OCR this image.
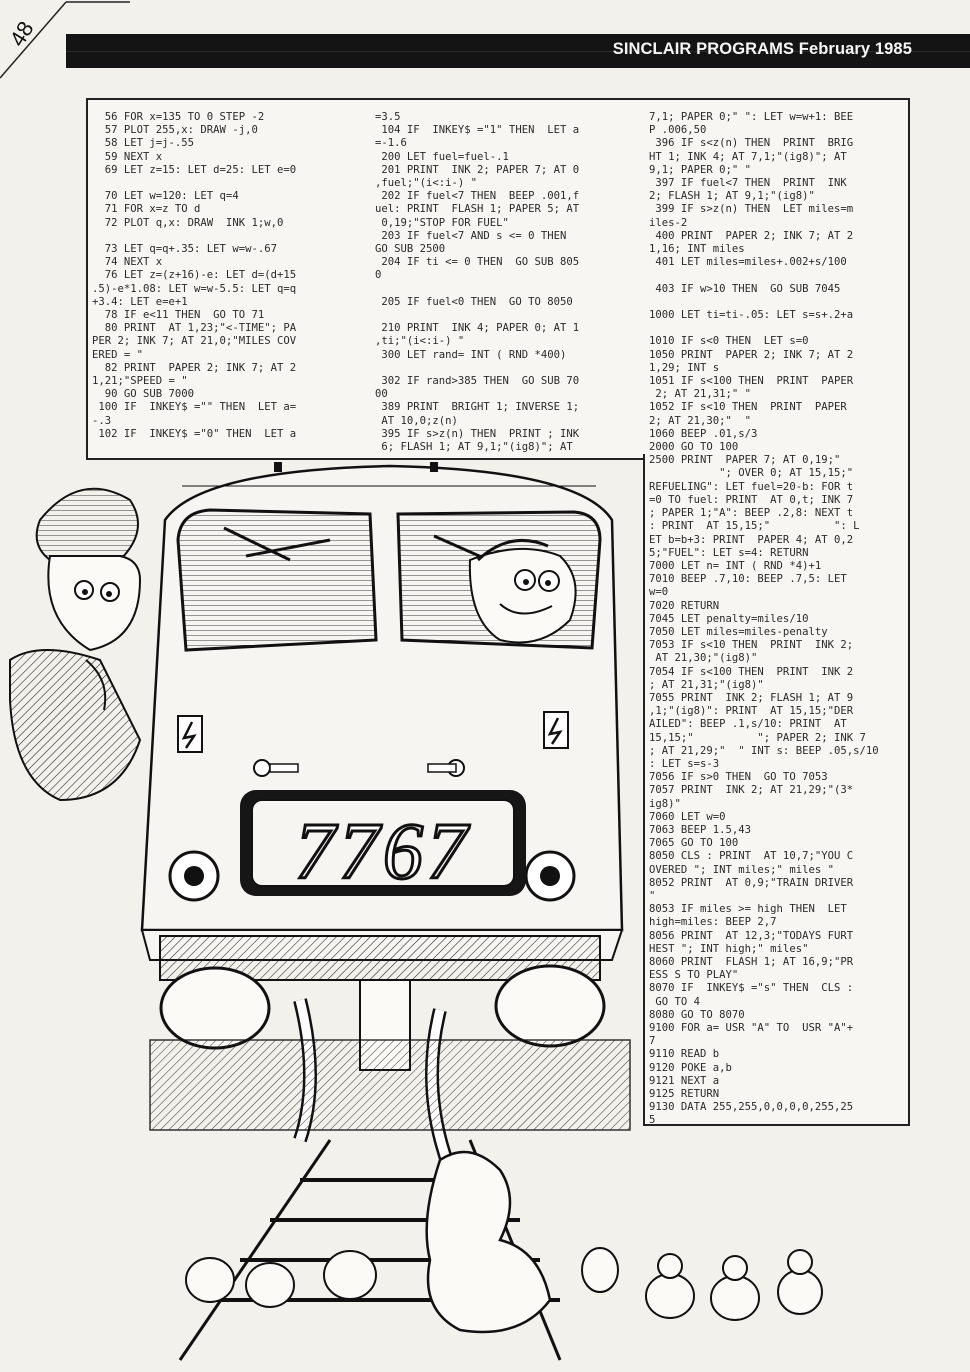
48	SINCLAIR PROGRAMS February 1985
56 FOR x=135 TO 0 STEP -2
57 PLOT 255,x: DRAW -j,0
58 LET j=j-.55
59 NEXT x
69 LET z=15: LET d=25: LET e=0

70 LET w=120: LET q=4
71 FOR x=z TO d
72 PLOT q,x: DRAW  INK 1;w,0

73 LET q=q+.35: LET w=w-.67
74 NEXT x
76 LET z=(z+16)-e: LET d=(d+15
.5)-e*1.08: LET w=w-5.5: LET q=q
+3.4: LET e=e+1
78 IF e<11 THEN  GO TO 71
80 PRINT  AT 1,23;"<-TIME"; PA
PER 2; INK 7; AT 21,0;"MILES COV
ERED = "
82 PRINT  PAPER 2; INK 7; AT 2
1,21;"SPEED = "
90 GO SUB 7000
100 IF  INKEY$ ="" THEN  LET a=
-.3
102 IF  INKEY$ ="0" THEN  LET a
=3.5
104 IF  INKEY$ ="1" THEN  LET a
=-1.6
200 LET fuel=fuel-.1
201 PRINT  INK 2; PAPER 7; AT 0
,fuel;"(i<:i-) "
202 IF fuel<7 THEN  BEEP .001,f
uel: PRINT  FLASH 1; PAPER 5; AT
0,19;"STOP FOR FUEL"
203 IF fuel<7 AND s <= 0 THEN
GO SUB 2500
204 IF ti <= 0 THEN  GO SUB 805
0

205 IF fuel<0 THEN  GO TO 8050

210 PRINT  INK 4; PAPER 0; AT 1
,ti;"(i<:i-) "
300 LET rand= INT ( RND *400)

302 IF rand>385 THEN  GO SUB 70
00
389 PRINT  BRIGHT 1; INVERSE 1;
AT 10,0;z(n)
395 IF s>z(n) THEN  PRINT ; INK
6; FLASH 1; AT 9,1;"(ig8)"; AT
7,1; PAPER 0;" ": LET w=w+1: BEE
P .006,50
396 IF s<z(n) THEN  PRINT  BRIG
HT 1; INK 4; AT 7,1;"(ig8)"; AT
9,1; PAPER 0;" "
397 IF fuel<7 THEN  PRINT  INK
2; FLASH 1; AT 9,1;"(ig8)"
399 IF s>z(n) THEN  LET miles=m
iles-2
400 PRINT  PAPER 2; INK 7; AT 2
1,16; INT miles
401 LET miles=miles+.002+s/100

403 IF w>10 THEN  GO SUB 7045

1000 LET ti=ti-.05: LET s=s+.2+a

1010 IF s<0 THEN  LET s=0
1050 PRINT  PAPER 2; INK 7; AT 2
1,29; INT s
1051 IF s<100 THEN  PRINT  PAPER
2; AT 21,31;" "
1052 IF s<10 THEN  PRINT  PAPER
2; AT 21,30;"  "
1060 BEEP .01,s/3
2000 GO TO 100
2500 PRINT  PAPER 7; AT 0,19;"
"; OVER 0; AT 15,15;"
REFUELING": LET fuel=20-b: FOR t
=0 TO fuel: PRINT  AT 0,t; INK 7
; PAPER 1;"A": BEEP .2,8: NEXT t
: PRINT  AT 15,15;"          ": L
ET b=b+3: PRINT  PAPER 4; AT 0,2
5;"FUEL": LET s=4: RETURN
7000 LET n= INT ( RND *4)+1
7010 BEEP .7,10: BEEP .7,5: LET
w=0
7020 RETURN
7045 LET penalty=miles/10
7050 LET miles=miles-penalty
7053 IF s<10 THEN  PRINT  INK 2;
AT 21,30;"(ig8)"
7054 IF s<100 THEN  PRINT  INK 2
; AT 21,31;"(ig8)"
7055 PRINT  INK 2; FLASH 1; AT 9
,1;"(ig8)": PRINT  AT 15,15;"DER
AILED": BEEP .1,s/10: PRINT  AT
15,15;"          "; PAPER 2; INK 7
; AT 21,29;"  " INT s: BEEP .05,s/10
: LET s=s-3
7056 IF s>0 THEN  GO TO 7053
7057 PRINT  INK 2; AT 21,29;"(3*
ig8)"
7060 LET w=0
7063 BEEP 1.5,43
7065 GO TO 100
8050 CLS : PRINT  AT 10,7;"YOU C
OVERED "; INT miles;" miles "
8052 PRINT  AT 0,9;"TRAIN DRIVER
"
8053 IF miles >= high THEN  LET
high=miles: BEEP 2,7
8056 PRINT  AT 12,3;"TODAYS FURT
HEST "; INT high;" miles"
8060 PRINT  FLASH 1; AT 16,9;"PR
ESS S TO PLAY"
8070 IF  INKEY$ ="s" THEN  CLS :
GO TO 4
8080 GO TO 8070
9100 FOR a= USR "A" TO  USR "A"+
7
9110 READ b
9120 POKE a,b
9121 NEXT a
9125 RETURN
9130 DATA 255,255,0,0,0,0,255,25
5
7767
